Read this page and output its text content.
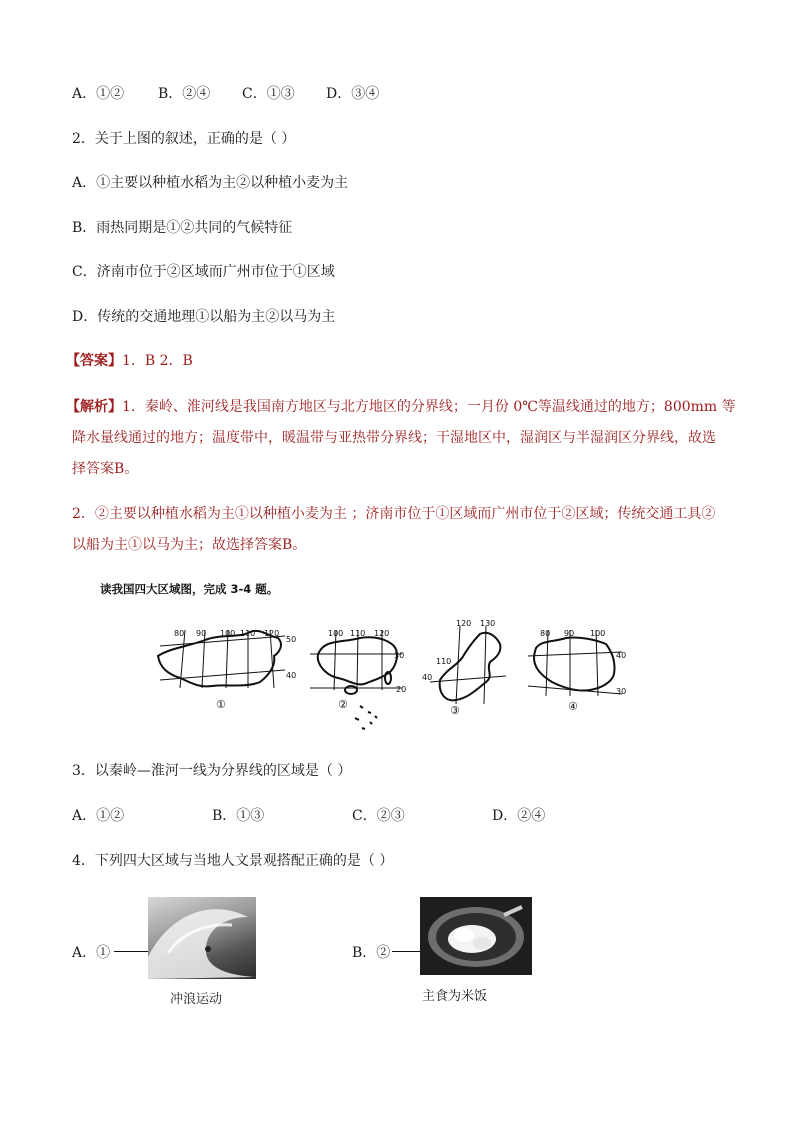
A．①② B．②④ C．①③ D．③④
2．关于上图的叙述，正确的是（ ）
A．①主要以种植水稻为主②以种植小麦为主
B．雨热同期是①②共同的气候特征
C．济南市位于②区域而广州市位于①区域
D．传统的交通地理①以船为主②以马为主
【答案】1．B 2．B
【解析】1．秦岭、淮河线是我国南方地区与北方地区的分界线；一月份 0℃等温线通过的地方；800mm 等
降水量线通过的地方；温度带中，暖温带与亚热带分界线；干湿地区中，湿润区与半湿润区分界线，故选
择答案B。
2．②主要以种植水稻为主①以种植小麦为主 ；济南市位于①区域而广州市位于②区域；传统交通工具②
以船为主①以马为主；故选择答案B。
读我国四大区域图，完成 3-4 题。
①	②	③	④
80 90 100 110 120
50
40
100 110 120
30
20
120 130
110
40
80 90 100
40
30
3．以秦岭—淮河一线为分界线的区域是（ ）
A．①②	B．①③	C．②③	D．②④
4．下列四大区域与当地人文景观搭配正确的是（ ）
A．①
冲浪运动
B．②
主食为米饭
